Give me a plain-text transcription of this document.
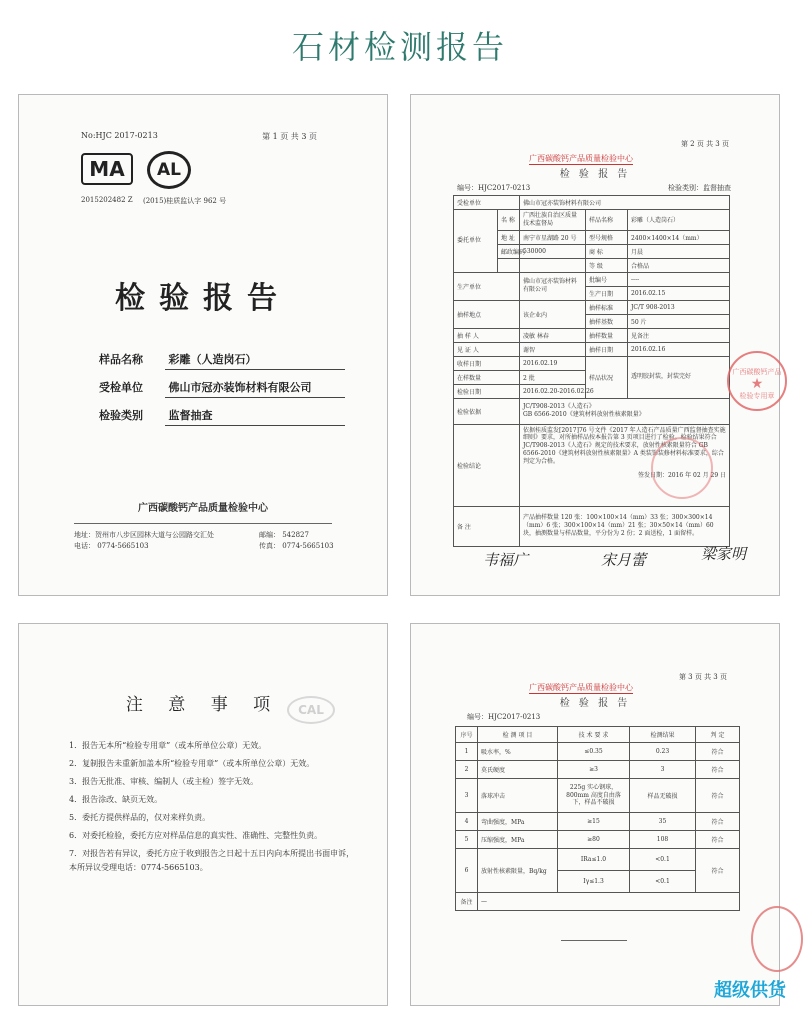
石材检测报告
No:HJC 2017-0213	第 1 页 共 3 页
MA	AL
2015202482 Z (2015)桂质监认字 962 号
检验报告
样品名称 彩雕（人造岗石）
受检单位 佛山市冠亦装饰材料有限公司
检验类别 监督抽查
广西碳酸钙产品质量检验中心
地址：贺州市八步区园林大道与公园路交汇处	邮编： 542827
电话： 0774-5665103	传真： 0774-5665103
第 2 页 共 3 页
广西碳酸钙产品质量检验中心
检 验 报 告
编号：HJC2017-0213	检验类别：监督抽查
受检单位		佛山市冠亦装饰材料有限公司		
委托单位	名 称	广西壮族自治区质量技术监督局	样品名称	彩雕（人造岗石）
	地 址	南宁市星湖路 20 号	型号规格	2400×1400×14（mm）
	邮政编码	530000	商 标	月晨
			等 级	合格品
生产单位		佛山市冠亦装饰材料有限公司	批编号	----
			生产日期	2016.02.15
抽样地点		该企业内	抽样标准	JC/T 908-2013
			抽样基数	50 片
抽 样 人		凌敏 林春	抽样数量	见备注
见 证 人		谢智	抽样日期	2016.02.16
收样日期		2016.02.19	样品状况	透明胶封装，封装完好
在样数量		2 批		
检验日期		2016.02.20-2016.02.26		
检验依据		JC/T908-2013《人造石》
GB 6566-2010《建筑材料放射性核素限量》		

检验结论		依据桂质监发[2017]76 号文件《2017 年人造石产品质量广西监督抽查实施细则》要求，对所抽样品按本报告第 3 页项目进行了检验。检验结果符合 JC/T908-2013《人造石》规定的技术要求，放射性核素限量符合 GB 6566-2010《建筑材料放射性核素限量》A 类装饰装修材料标准要求，综合判定为合格。
签发日期：2016 年 02 月 29 日		

备 注		产品抽样数量 120 张：100×100×14（mm）33 张；300×300×14（mm）6 张；300×100×14（mm）21 张；30×50×14（mm）60 块，抽测数量与样品数量，平分份为 2 份；2 面送检，1 面留样。		
广西碳酸钙产品
★
检验专用章
韦福广	宋月蕾	梁家明
注 意 事 项	CAL

1．报告无本所“检验专用章”（或本所单位公章）无效。

2．复制报告未重新加盖本所“检验专用章”（或本所单位公章）无效。

3．报告无批准、审核、编制人（或主检）签字无效。

4．报告涂改、缺页无效。

5．委托方提供样品的，仅对来样负责。

6．对委托检验，委托方应对样品信息的真实性、准确性、完整性负责。

7．对报告若有异议，委托方应于收到报告之日起十五日内向本所提出书面申诉，

本所异议受理电话：0774-5665103。

第 3 页 共 3 页
广西碳酸钙产品质量检验中心
检 验 报 告
编号：HJC2017-0213
序号	检 测 项 目	技 术 要 求	检测结果	判 定
1	吸水率，%	≤0.35	0.23	符合
2	莫氏硬度	≥3	3	符合
3	落球冲击	225g 实心钢球，800mm 高度自由落下，样品不破损	样品无破损	符合
4	弯曲强度，MPa	≥15	35	符合
5	压缩强度，MPa	≥80	108	符合
6	放射性核素限量，Bq/kg	IRa≤1.0	<0.1	符合
		Iγ≤1.3	<0.1	
备注	—			
超级供货
